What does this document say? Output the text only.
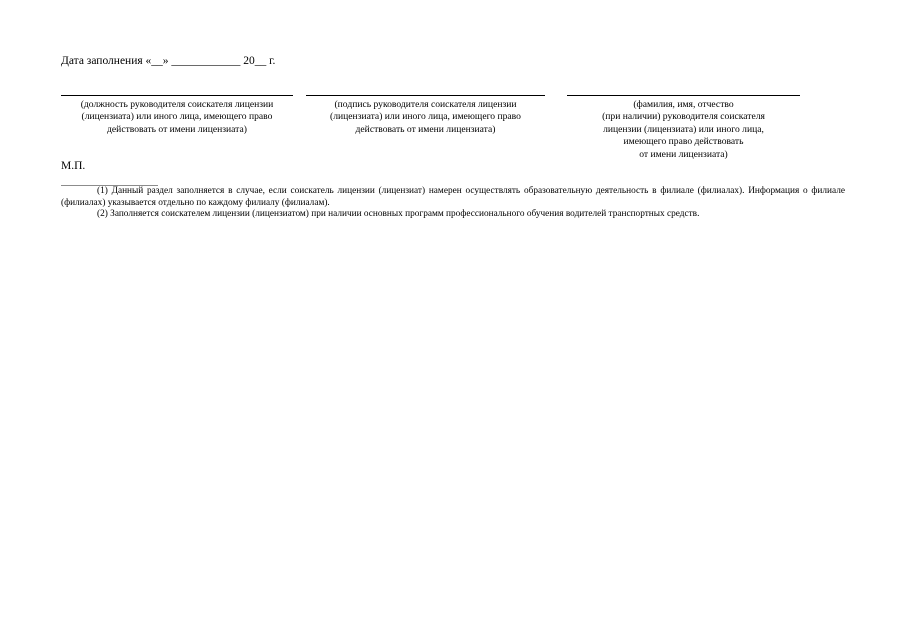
Дата заполнения «__» ____________ 20__ г.
(должность руководителя соискателя лицензии
(лицензиата) или иного лица, имеющего право
действовать от имени лицензиата)
(подпись руководителя соискателя лицензии
(лицензиата) или иного лица, имеющего право
действовать от имени лицензиата)
(фамилия, имя, отчество
(при наличии) руководителя соискателя
лицензии (лицензиата) или иного лица,
имеющего право действовать
от имени лицензиата)
М.П.

(1) Данный раздел заполняется в случае, если соискатель лицензии (лицензиат) намерен осуществлять образовательную деятельность в филиале (филиалах). Информация о филиале (филиалах) указывается отдельно по каждому филиалу (филиалам).

(2) Заполняется соискателем лицензии (лицензиатом) при наличии основных программ профессионального обучения водителей транспортных средств.
